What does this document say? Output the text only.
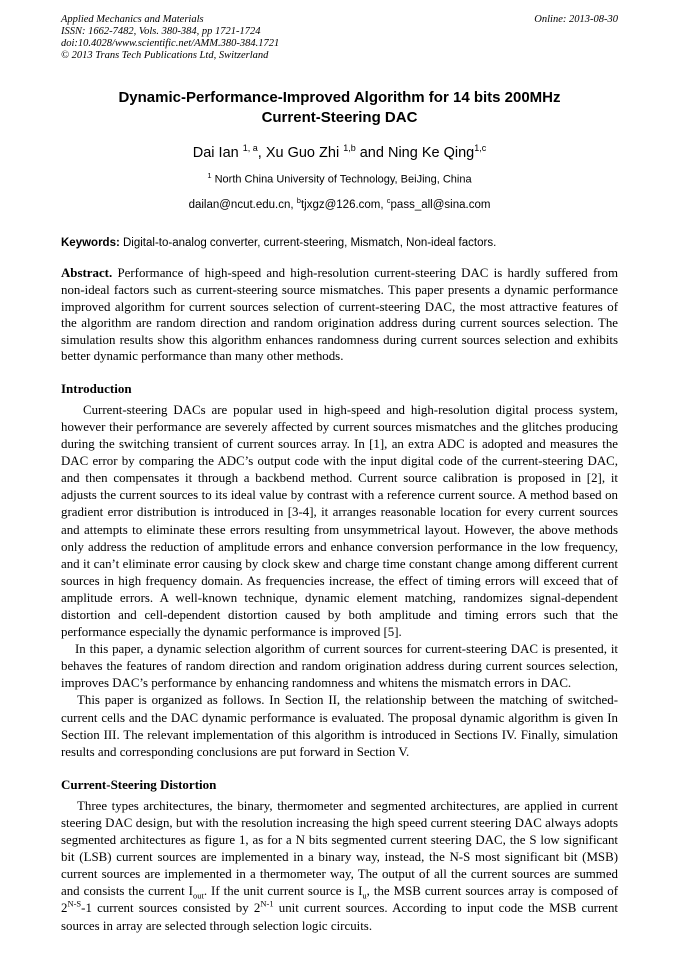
Applied Mechanics and Materials
ISSN: 1662-7482, Vols. 380-384, pp 1721-1724
doi:10.4028/www.scientific.net/AMM.380-384.1721
© 2013 Trans Tech Publications Ltd, Switzerland
Online: 2013-08-30
Dynamic-Performance-Improved Algorithm for 14 bits 200MHz Current-Steering DAC
Dai Ian $^{1, a}$, Xu Guo Zhi $^{1,b}$ and Ning Ke Qing$^{1,c}$
$^1$ North China University of Technology, BeiJing, China
dailan@ncut.edu.cn, $^b$tjxgz@126.com, $^c$pass_all@sina.com
Keywords: Digital-to-analog converter, current-steering, Mismatch, Non-ideal factors.
Abstract. Performance of high-speed and high-resolution current-steering DAC is hardly suffered from non-ideal factors such as current-steering source mismatches. This paper presents a dynamic performance improved algorithm for current sources selection of current-steering DAC, the most attractive features of the algorithm are random direction and random origination address during current sources selection. The simulation results show this algorithm enhances randomness during current sources selection and exhibits better dynamic performance than many other methods.
Introduction

Current-steering DACs are popular used in high-speed and high-resolution digital process system, however their performance are severely affected by current sources mismatches and the glitches producing during the switching transient of current sources array. In [1], an extra ADC is adopted and measures the DAC error by comparing the ADC’s output code with the input digital code of the current-steering DAC, and then compensates it through a backbend method. Current source calibration is proposed in [2], it adjusts the current sources to its ideal value by contrast with a reference current source. A method based on gradient error distribution is introduced in [3-4], it arranges reasonable location for every current sources and attempts to eliminate these errors resulting from unsymmetrical layout. However, the above methods only address the reduction of amplitude errors and enhance conversion performance in the low frequency, and it can’t eliminate error causing by clock skew and charge time constant change among different current sources in high frequency domain. As frequencies increase, the effect of timing errors will exceed that of amplitude errors. A well-known technique, dynamic element matching, randomizes signal-dependent distortion and cell-dependent distortion caused by both amplitude and timing errors such that the performance especially the dynamic performance is improved [5].

In this paper, a dynamic selection algorithm of current sources for current-steering DAC is presented, it behaves the features of random direction and random origination address during current sources selection, improves DAC’s performance by enhancing randomness and whitens the mismatch errors in DAC.

This paper is organized as follows. In Section II, the relationship between the matching of switched-current cells and the DAC dynamic performance is evaluated. The proposal dynamic algorithm is given In Section III. The relevant implementation of this algorithm is introduced in Sections IV. Finally, simulation results and corresponding conclusions are put forward in Section V.

Current-Steering Distortion

Three types architectures, the binary, thermometer and segmented architectures, are applied in current steering DAC design, but with the resolution increasing the high speed current steering DAC always adopts segmented architectures as figure 1, as for a N bits segmented current steering DAC, the S low significant bit (LSB) current sources are implemented in a binary way, instead, the N-S most significant bit (MSB) current sources are implemented in a thermometer way, The output of all the current sources are summed and consists the current $I_{out}$. If the unit current source is $I_u$, the MSB current sources array is composed of $2^{N-S}-1$ current sources consisted by $2^{N-1}$ unit current sources. According to input code the MSB current sources in array are selected through selection logic circuits.
